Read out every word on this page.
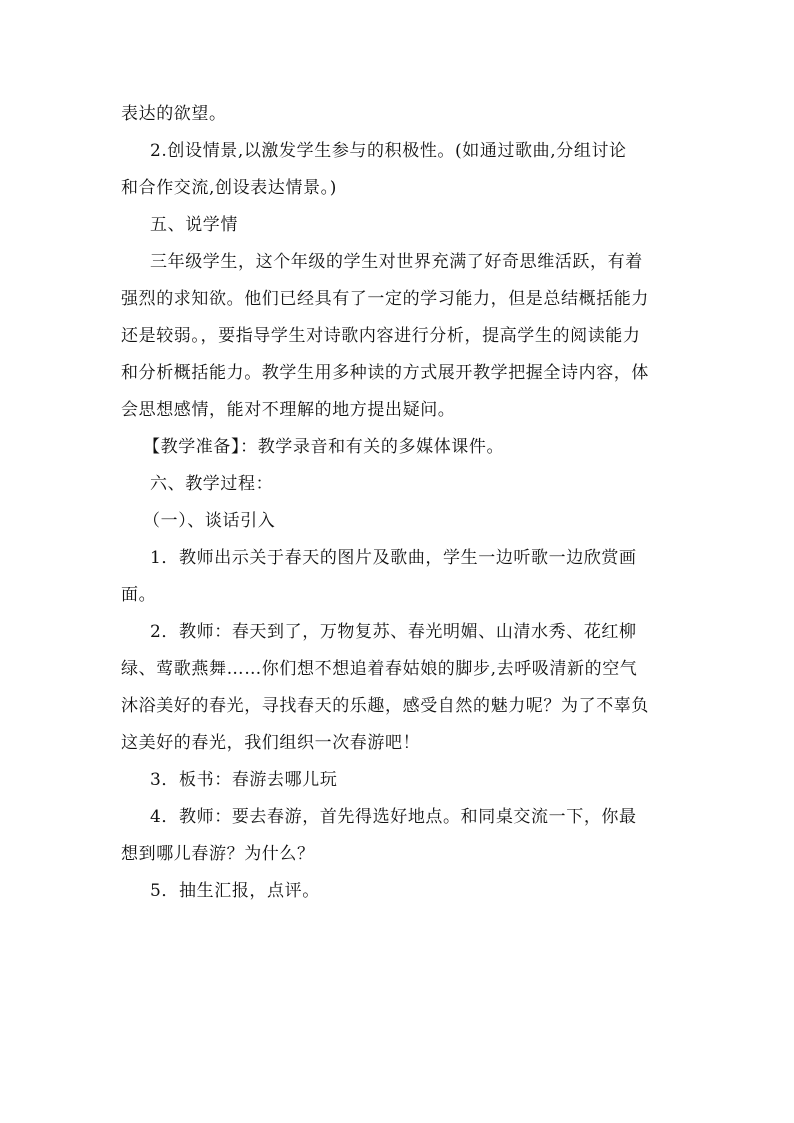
表达的欲望。
2.创设情景,以激发学生参与的积极性。(如通过歌曲,分组讨论
和合作交流,创设表达情景。)
五、说学情
三年级学生，这个年级的学生对世界充满了好奇思维活跃，有着
强烈的求知欲。他们已经具有了一定的学习能力，但是总结概括能力
还是较弱。，要指导学生对诗歌内容进行分析，提高学生的阅读能力
和分析概括能力。教学生用多种读的方式展开教学把握全诗内容，体
会思想感情，能对不理解的地方提出疑问。
【教学准备】：教学录音和有关的多媒体课件。
六、教学过程：
（一）、谈话引入
1．教师出示关于春天的图片及歌曲，学生一边听歌一边欣赏画
面。
2．教师：春天到了，万物复苏、春光明媚、山清水秀、花红柳
绿、莺歌燕舞……你们想不想追着春姑娘的脚步,去呼吸清新的空气
沐浴美好的春光，寻找春天的乐趣，感受自然的魅力呢？为了不辜负
这美好的春光，我们组织一次春游吧！
3．板书：春游去哪儿玩
4．教师：要去春游，首先得选好地点。和同桌交流一下，你最
想到哪儿春游？为什么？
5．抽生汇报，点评。
